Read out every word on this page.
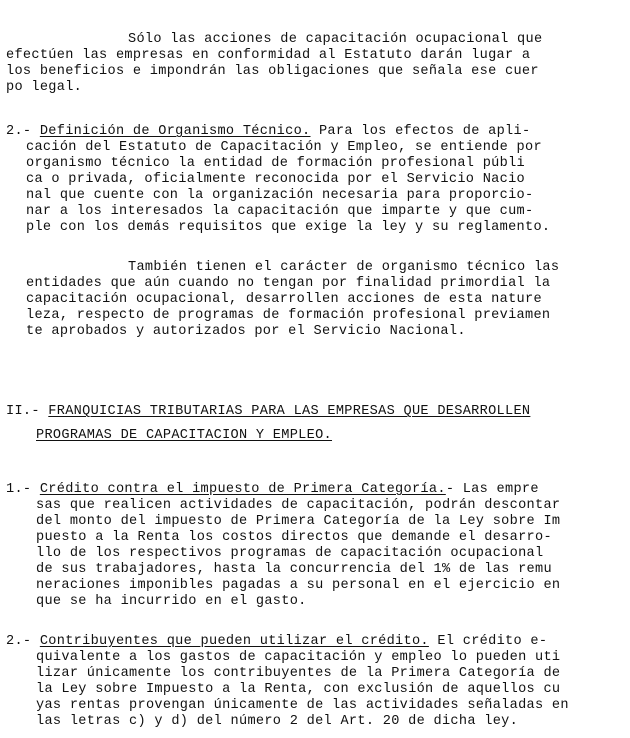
Sólo las acciones de capacitación ocupacional que
efectúen las empresas en conformidad al Estatuto darán lugar a
los beneficios e impondrán las obligaciones que señala ese cuer
po legal.
2.- Definición de Organismo Técnico. Para los efectos de apli-
cación del Estatuto de Capacitación y Empleo, se entiende por
organismo técnico la entidad de formación profesional públi
ca o privada, oficialmente reconocida por el Servicio Nacio
nal que cuente con la organización necesaria para proporcio-
nar a los interesados la capacitación que imparte y que cum-
También tienen el carácter de organismo técnico las
entidades que aún cuando no tengan por finalidad primordial la
capacitación ocupacional, desarrollen acciones de esta nature
leza, respecto de programas de formación profesional previamen
te aprobados y autorizados por el Servicio Nacional.
II.- FRANQUICIAS TRIBUTARIAS PARA LAS EMPRESAS QUE DESARROLLEN
PROGRAMAS DE CAPACITACION Y EMPLEO.
1.- Crédito contra el impuesto de Primera Categoría.- Las empre
sas que realicen actividades de capacitación, podrán descontar
del monto del impuesto de Primera Categoría de la Ley sobre Im
puesto a la Renta los costos directos que demande el desarro-
llo de los respectivos programas de capacitación ocupacional
de sus trabajadores, hasta la concurrencia del 1% de las remu
neraciones imponibles pagadas a su personal en el ejercicio en
que se ha incurrido en el gasto.
2.- Contribuyentes que pueden utilizar el crédito. El crédito e-
quivalente a los gastos de capacitación y empleo lo pueden uti
lizar únicamente los contribuyentes de la Primera Categoría de
la Ley sobre Impuesto a la Renta, con exclusión de aquellos cu
yas rentas provengan únicamente de las actividades señaladas en
las letras c) y d) del número 2 del Art. 20 de dicha ley.
ple con los demás requisitos que exige la ley y su reglamento.
